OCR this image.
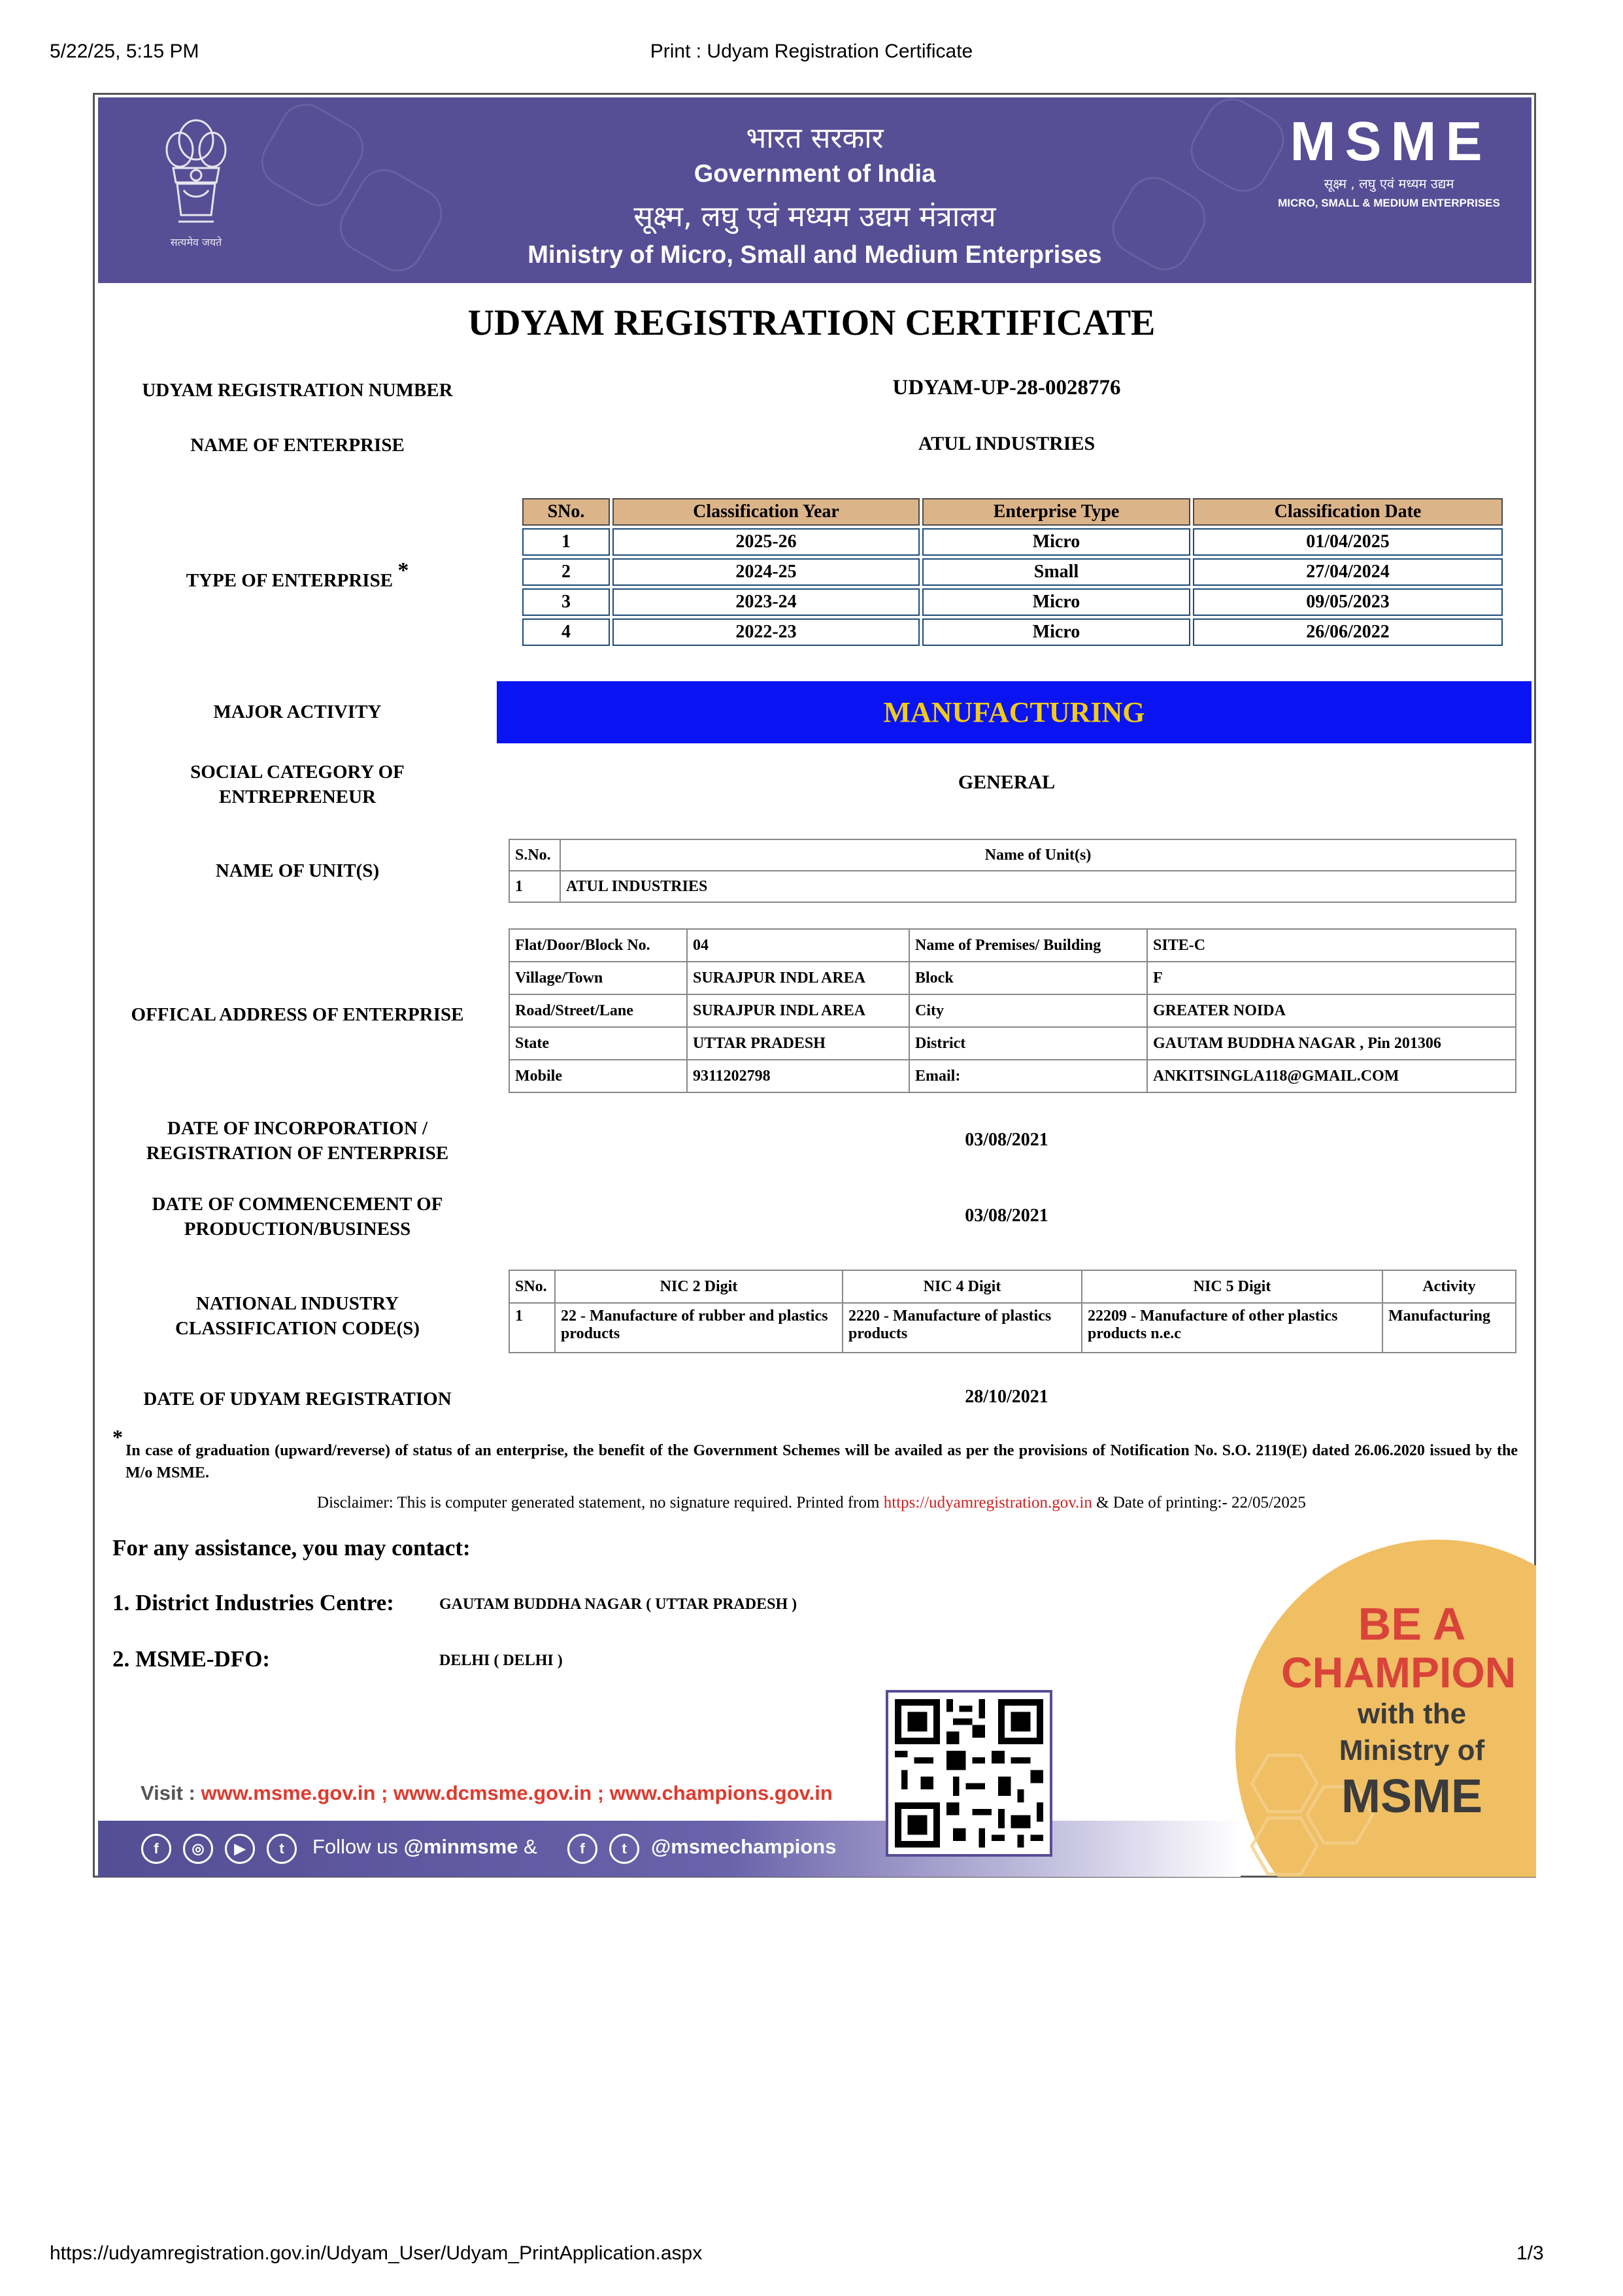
5/22/25, 5:15 PM	Print : Udyam Registration Certificate
सत्यमेव जयते
भारत सरकार
Government of India
सूक्ष्म, लघु एवं मध्यम उद्यम मंत्रालय
Ministry of Micro, Small and Medium Enterprises
MSME
सूक्ष्म , लघु एवं मध्यम उद्यम
MICRO, SMALL & MEDIUM ENTERPRISES
UDYAM REGISTRATION CERTIFICATE
UDYAM REGISTRATION NUMBER	UDYAM-UP-28-0028776
NAME OF ENTERPRISE	ATUL INDUSTRIES
TYPE OF ENTERPRISE *
SNo.	Classification Year	Enterprise Type	Classification Date
1	2025-26	Micro	01/04/2025
2	2024-25	Small	27/04/2024
3	2023-24	Micro	09/05/2023
4	2022-23	Micro	26/06/2022
MAJOR ACTIVITY	MANUFACTURING
SOCIAL CATEGORY OF
ENTREPRENEUR
GENERAL
NAME OF UNIT(S)
S.No.	Name of Unit(s)
1	ATUL INDUSTRIES
OFFICAL ADDRESS OF ENTERPRISE
Flat/Door/Block No.	04	Name of Premises/ Building	SITE-C
Village/Town	SURAJPUR INDL AREA	Block	F
Road/Street/Lane	SURAJPUR INDL AREA	City	GREATER NOIDA
State	UTTAR PRADESH	District	GAUTAM BUDDHA NAGAR , Pin 201306
Mobile	9311202798	Email:	ANKITSINGLA118@GMAIL.COM
DATE OF INCORPORATION /
REGISTRATION OF ENTERPRISE
03/08/2021
DATE OF COMMENCEMENT OF
PRODUCTION/BUSINESS
03/08/2021
NATIONAL INDUSTRY
CLASSIFICATION CODE(S)
SNo.	NIC 2 Digit	NIC 4 Digit	NIC 5 Digit	Activity
1	22 - Manufacture of rubber and plastics products	2220 - Manufacture of plastics products	22209 - Manufacture of other plastics products n.e.c	Manufacturing
DATE OF UDYAM REGISTRATION	28/10/2021
*
In case of graduation (upward/reverse) of status of an enterprise, the benefit of the Government Schemes will be availed as per the provisions of Notification No. S.O. 2119(E) dated 26.06.2020 issued by the M/o MSME.
Disclaimer: This is computer generated statement, no signature required. Printed from https://udyamregistration.gov.in & Date of printing:- 22/05/2025
For any assistance, you may contact:
1. District Industries Centre:	GAUTAM BUDDHA NAGAR ( UTTAR PRADESH )
2. MSME-DFO:	DELHI ( DELHI )
BE A
CHAMPION
with the
Ministry of
MSME
Visit : www.msme.gov.in ; www.dcmsme.gov.in ; www.champions.gov.in
f	◎	▶	t	Follow us @minmsme &	f	t	@msmechampions
https://udyamregistration.gov.in/Udyam_User/Udyam_PrintApplication.aspx	1/3
